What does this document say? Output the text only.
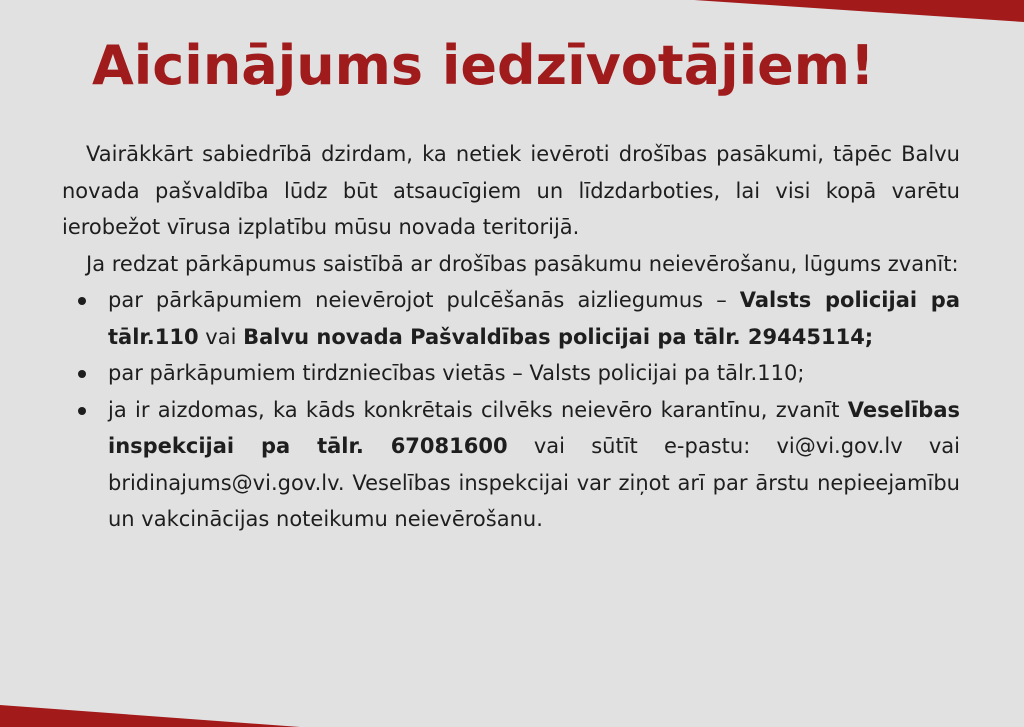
Aicinājums iedzīvotājiem!

Vairākkārt sabiedrībā dzirdam, ka netiek ievēroti drošības pasākumi, tāpēc Balvu novada pašvaldība lūdz būt atsaucīgiem un līdzdarboties, lai visi kopā varētu ierobežot vīrusa izplatību mūsu novada teritorijā.

Ja redzat pārkāpumus saistībā ar drošības pasākumu neievērošanu, lūgums zvanīt:

par pārkāpumiem neievērojot pulcēšanās aizliegumus – Valsts policijai pa tālr.110 vai Balvu novada Pašvaldības policijai pa tālr. 29445114;
par pārkāpumiem tirdzniecības vietās – Valsts policijai pa tālr.110;
ja ir aizdomas, ka kāds konkrētais cilvēks neievēro karantīnu, zvanīt Veselības inspekcijai pa tālr. 67081600 vai sūtīt e-pastu: vi@vi.gov.lv vai bridinajums@vi.gov.lv. Veselības inspekcijai var ziņot arī par ārstu nepieejamību un vakcinācijas noteikumu neievērošanu.
